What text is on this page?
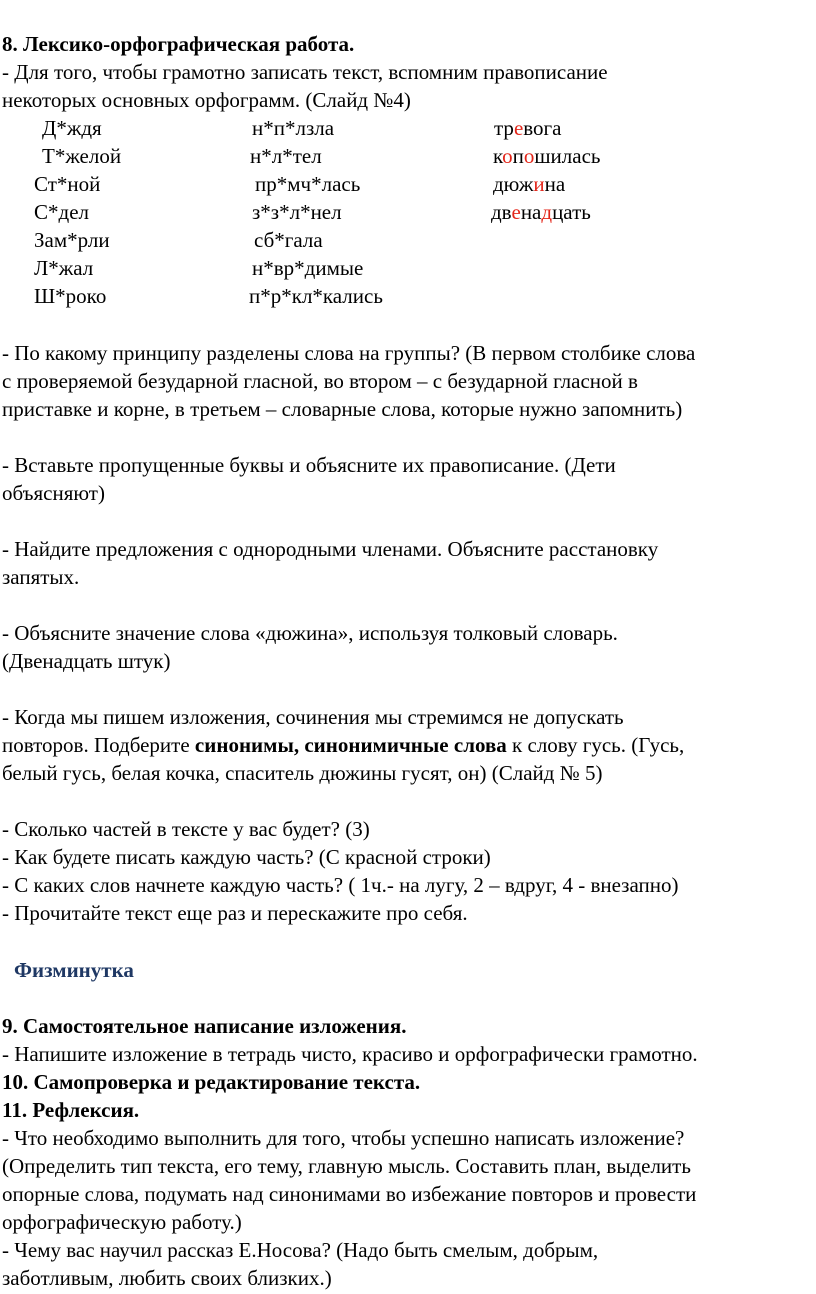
8. Лексико-орфографическая работа.
- Для того, чтобы грамотно записать текст, вспомним правописание
некоторых основных орфограмм. (Слайд №4)
Д*ждя
Т*желой
Ст*ной
С*дел
Зам*рли
Л*жал
Ш*роко
н*п*лзла
н*л*тел
пр*мч*лась
з*з*л*нел
сб*гала
н*вр*димые
п*р*кл*кались
тревога
копошилась
дюжина
двенадцать
- По какому принципу разделены слова на группы? (В первом столбике слова
с проверяемой безударной гласной, во втором – с безударной гласной в
приставке и корне, в третьем – словарные слова, которые нужно запомнить)
- Вставьте пропущенные буквы и объясните их правописание. (Дети
объясняют)
- Найдите предложения с однородными членами. Объясните расстановку
запятых.
- Объясните значение слова «дюжина», используя толковый словарь.
(Двенадцать штук)
- Когда мы пишем изложения, сочинения мы стремимся не допускать
повторов. Подберите синонимы, синонимичные слова к слову гусь. (Гусь,
белый гусь, белая кочка, спаситель дюжины гусят, он) (Слайд № 5)
- Сколько частей в тексте у вас будет? (3)
- Как будете писать каждую часть? (С красной строки)
- С каких слов начнете каждую часть? ( 1ч.- на лугу, 2 – вдруг, 4 - внезапно)
- Прочитайте текст еще раз и перескажите про себя.
Физминутка
9. Самостоятельное написание изложения.
- Напишите изложение в тетрадь чисто, красиво и орфографически грамотно.
10. Самопроверка и редактирование текста.
11. Рефлексия.
- Что необходимо выполнить для того, чтобы успешно написать изложение?
(Определить тип текста, его тему, главную мысль. Составить план, выделить
опорные слова, подумать над синонимами во избежание повторов и провести
орфографическую работу.)
- Чему вас научил рассказ Е.Носова? (Надо быть смелым, добрым,
заботливым, любить своих близких.)
